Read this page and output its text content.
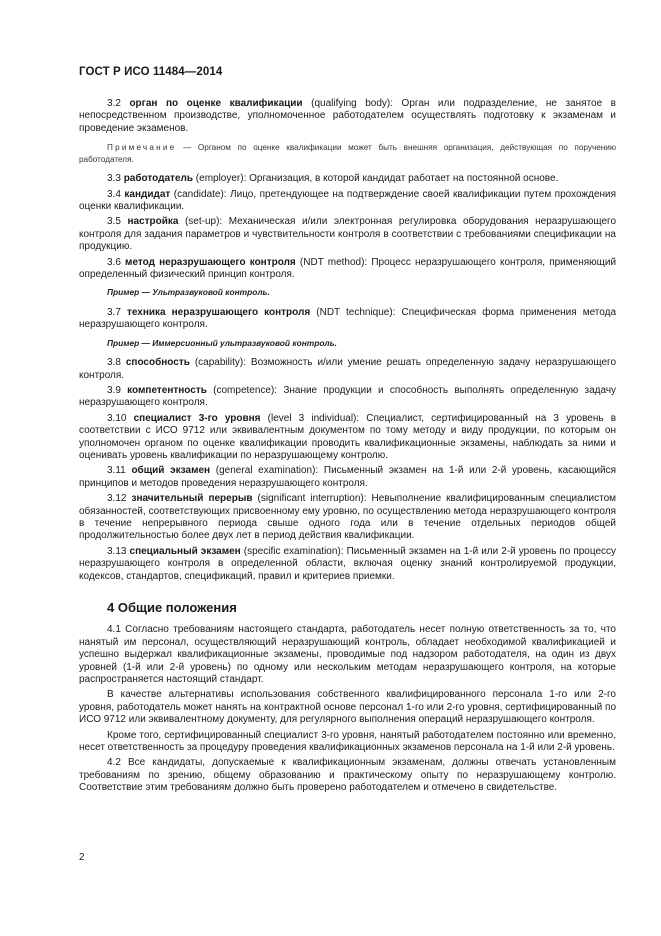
ГОСТ Р ИСО 11484—2014

3.2 орган по оценке квалификации (qualifying body): Орган или подразделение, не занятое в непосредственном производстве, уполномоченное работодателем осуществлять подготовку к экзаменам и проведение экзаменов.

Примечание — Органом по оценке квалификации может быть внешняя организация, действующая по поручению работодателя.

3.3 работодатель (employer): Организация, в которой кандидат работает на постоянной основе.

3.4 кандидат (candidate): Лицо, претендующее на подтверждение своей квалификации путем прохождения оценки квалификации.

3.5 настройка (set-up): Механическая и/или электронная регулировка оборудования неразрушающего контроля для задания параметров и чувствительности контроля в соответствии с требованиями спецификации на продукцию.

3.6 метод неразрушающего контроля (NDT method): Процесс неразрушающего контроля, применяющий определенный физический принцип контроля.

Пример — Ультразвуковой контроль.

3.7 техника неразрушающего контроля (NDT technique): Специфическая форма применения метода неразрушающего контроля.

Пример — Иммерсионный ультразвуковой контроль.

3.8 способность (capability): Возможность и/или умение решать определенную задачу неразрушающего контроля.

3.9 компетентность (competence): Знание продукции и способность выполнять определенную задачу неразрушающего контроля.

3.10 специалист 3-го уровня (level 3 individual): Специалист, сертифицированный на 3 уровень в соответствии с ИСО 9712 или эквивалентным документом по тому методу и виду продукции, по которым он уполномочен органом по оценке квалификации проводить квалификационные экзамены, наблюдать за ними и оценивать уровень квалификации по неразрушающему контролю.

3.11 общий экзамен (general examination): Письменный экзамен на 1-й или 2-й уровень, касающийся принципов и методов проведения неразрушающего контроля.

3.12 значительный перерыв (significant interruption): Невыполнение квалифицированным специалистом обязанностей, соответствующих присвоенному ему уровню, по осуществлению метода неразрушающего контроля в течение непрерывного периода свыше одного года или в течение отдельных периодов общей продолжительностью более двух лет в период действия квалификации.

3.13 специальный экзамен (specific examination): Письменный экзамен на 1-й или 2-й уровень по процессу неразрушающего контроля в определенной области, включая оценку знаний контролируемой продукции, кодексов, стандартов, спецификаций, правил и критериев приемки.

4 Общие положения

4.1 Согласно требованиям настоящего стандарта, работодатель несет полную ответственность за то, что нанятый им персонал, осуществляющий неразрушающий контроль, обладает необходимой квалификацией и успешно выдержал квалификационные экзамены, проводимые под надзором работодателя, на один из двух уровней (1-й или 2-й уровень) по одному или нескольким методам неразрушающего контроля, на которые распространяется настоящий стандарт.

В качестве альтернативы использования собственного квалифицированного персонала 1-го или 2-го уровня, работодатель может нанять на контрактной основе персонал 1-го или 2-го уровня, сертифицированный по ИСО 9712 или эквивалентному документу, для регулярного выполнения операций неразрушающего контроля.

Кроме того, сертифицированный специалист 3-го уровня, нанятый работодателем постоянно или временно, несет ответственность за процедуру проведения квалификационных экзаменов персонала на 1-й или 2-й уровень.

4.2 Все кандидаты, допускаемые к квалификационным экзаменам, должны отвечать установленным требованиям по зрению, общему образованию и практическому опыту по неразрушающему контролю. Соответствие этим требованиям должно быть проверено работодателем и отмечено в свидетельстве.

2
